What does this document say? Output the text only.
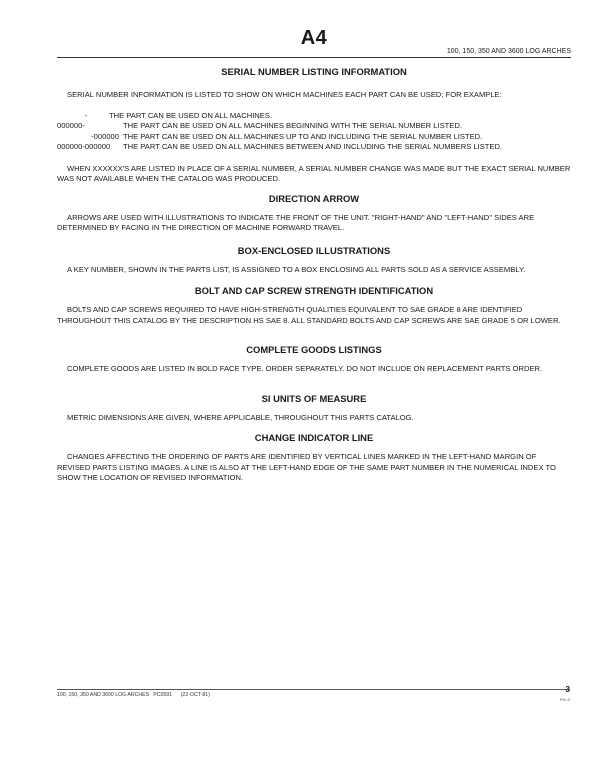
A4
100, 150, 350 AND 3600 LOG ARCHES
SERIAL NUMBER LISTING INFORMATION

SERIAL NUMBER INFORMATION IS LISTED TO SHOW ON WHICH MACHINES EACH PART CAN BE USED; FOR EXAMPLE:

-	THE PART CAN BE USED ON ALL MACHINES.
000000-	THE PART CAN BE USED ON ALL MACHINES BEGINNING WITH THE SERIAL NUMBER LISTED.
-000000 THE PART CAN BE USED ON ALL MACHINES UP TO AND INCLUDING THE SERIAL NUMBER LISTED.
000000-000000	THE PART CAN BE USED ON ALL MACHINES BETWEEN AND INCLUDING THE SERIAL NUMBERS LISTED.

WHEN XXXXXX'S ARE LISTED IN PLACE OF A SERIAL NUMBER, A SERIAL NUMBER CHANGE WAS MADE BUT THE EXACT SERIAL NUMBER WAS NOT AVAILABLE WHEN THE CATALOG WAS PRODUCED.

DIRECTION ARROW

ARROWS ARE USED WITH ILLUSTRATIONS TO INDICATE THE FRONT OF THE UNIT. "RIGHT-HAND" AND "LEFT-HAND" SIDES ARE DETERMINED BY FACING IN THE DIRECTION OF MACHINE FORWARD TRAVEL.

BOX-ENCLOSED ILLUSTRATIONS

A KEY NUMBER, SHOWN IN THE PARTS LIST, IS ASSIGNED TO A BOX ENCLOSING ALL PARTS SOLD AS A SERVICE ASSEMBLY.

BOLT AND CAP SCREW STRENGTH IDENTIFICATION

BOLTS AND CAP SCREWS REQUIRED TO HAVE HIGH-STRENGTH QUALITIES EQUIVALENT TO SAE GRADE 8 ARE IDENTIFIED THROUGHOUT THIS CATALOG BY THE DESCRIPTION HS SAE 8. ALL STANDARD BOLTS AND CAP SCREWS ARE SAE GRADE 5 OR LOWER.

COMPLETE GOODS LISTINGS

COMPLETE GOODS ARE LISTED IN BOLD FACE TYPE. ORDER SEPARATELY. DO NOT INCLUDE ON REPLACEMENT PARTS ORDER.

SI UNITS OF MEASURE

METRIC DIMENSIONS ARE GIVEN, WHERE APPLICABLE, THROUGHOUT THIS PARTS CATALOG.

CHANGE INDICATOR LINE

CHANGES AFFECTING THE ORDERING OF PARTS ARE IDENTIFIED BY VERTICAL LINES MARKED IN THE LEFT-HAND MARGIN OF REVISED PARTS LISTING IMAGES. A LINE IS ALSO AT THE LEFT-HAND EDGE OF THE SAME PART NUMBER IN THE NUMERICAL INDEX TO SHOW THE LOCATION OF REVISED INFORMATION.

100, 150, 350 AND 3600 LOG ARCHES   PC0591      (22-OCT-81)
3
PN=3
